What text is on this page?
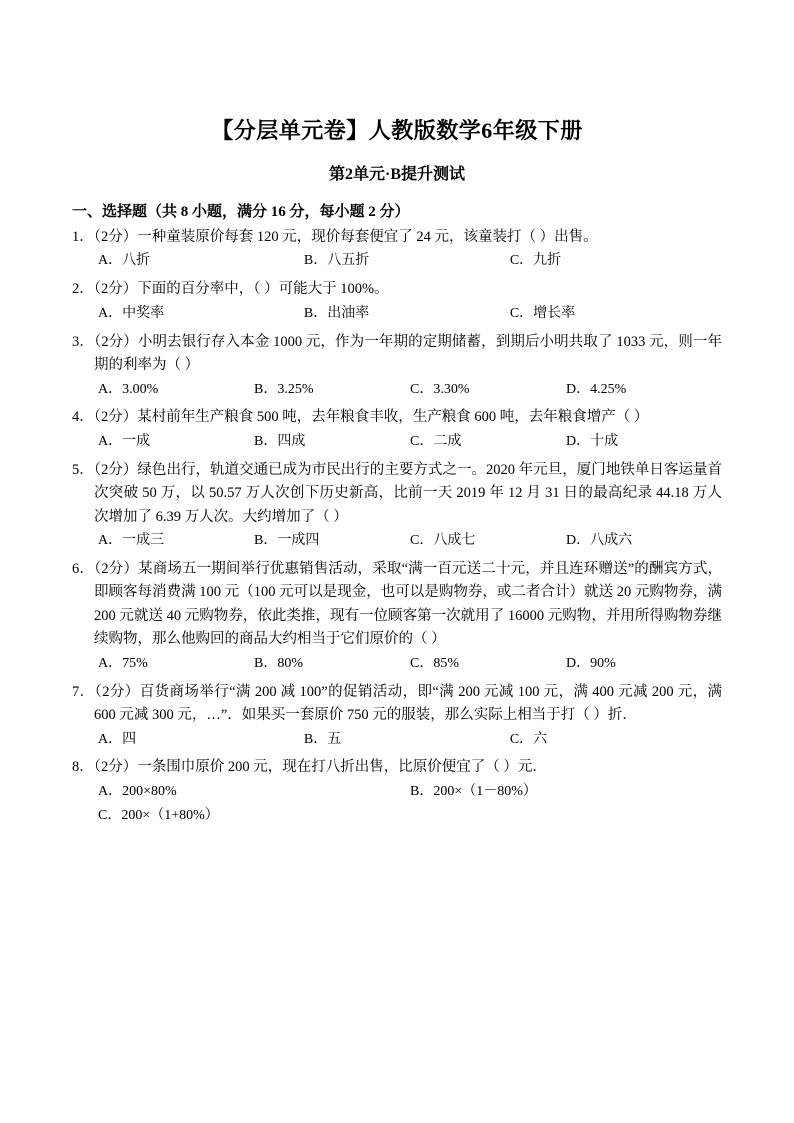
【分层单元卷】人教版数学6年级下册
第2单元·B提升测试
一、选择题（共 8 小题，满分 16 分，每小题 2 分）
1．（2分）一种童装原价每套 120 元，现价每套便宜了 24 元，该童装打（ ）出售。
A．八折	B．八五折	C．九折
2．（2分）下面的百分率中，（ ）可能大于 100%。
A．中奖率	B．出油率	C．增长率
3．（2分）小明去银行存入本金 1000 元，作为一年期的定期储蓄，到期后小明共取了 1033 元，则一年期的利率为（ ）
A．3.00%	B．3.25%	C．3.30%	D．4.25%
4．（2分）某村前年生产粮食 500 吨，去年粮食丰收，生产粮食 600 吨，去年粮食增产（ ）
A．一成	B．四成	C．二成	D．十成
5．（2分）绿色出行，轨道交通已成为市民出行的主要方式之一。2020 年元旦，厦门地铁单日客运量首次突破 50 万，以 50.57 万人次创下历史新高，比前一天 2019 年 12 月 31 日的最高纪录 44.18 万人次增加了 6.39 万人次。大约增加了（ ）
A．一成三	B．一成四	C．八成七	D．八成六
6．（2分）某商场五一期间举行优惠销售活动，采取“满一百元送二十元，并且连环赠送”的酬宾方式，即顾客每消费满 100 元（100 元可以是现金，也可以是购物券，或二者合计）就送 20 元购物券，满 200 元就送 40 元购物券，依此类推，现有一位顾客第一次就用了 16000 元购物，并用所得购物券继续购物，那么他购回的商品大约相当于它们原价的（ ）
A．75%	B．80%	C．85%	D．90%
7．（2分）百货商场举行“满 200 减 100”的促销活动，即“满 200 元减 100 元，满 400 元减 200 元，满 600 元减 300 元，…”．如果买一套原价 750 元的服装，那么实际上相当于打（ ）折．
A．四	B．五	C．六
8．（2分）一条围巾原价 200 元，现在打八折出售，比原价便宜了（ ）元．
A．200×80%	B．200×（1－80%）
C．200×（1+80%）
